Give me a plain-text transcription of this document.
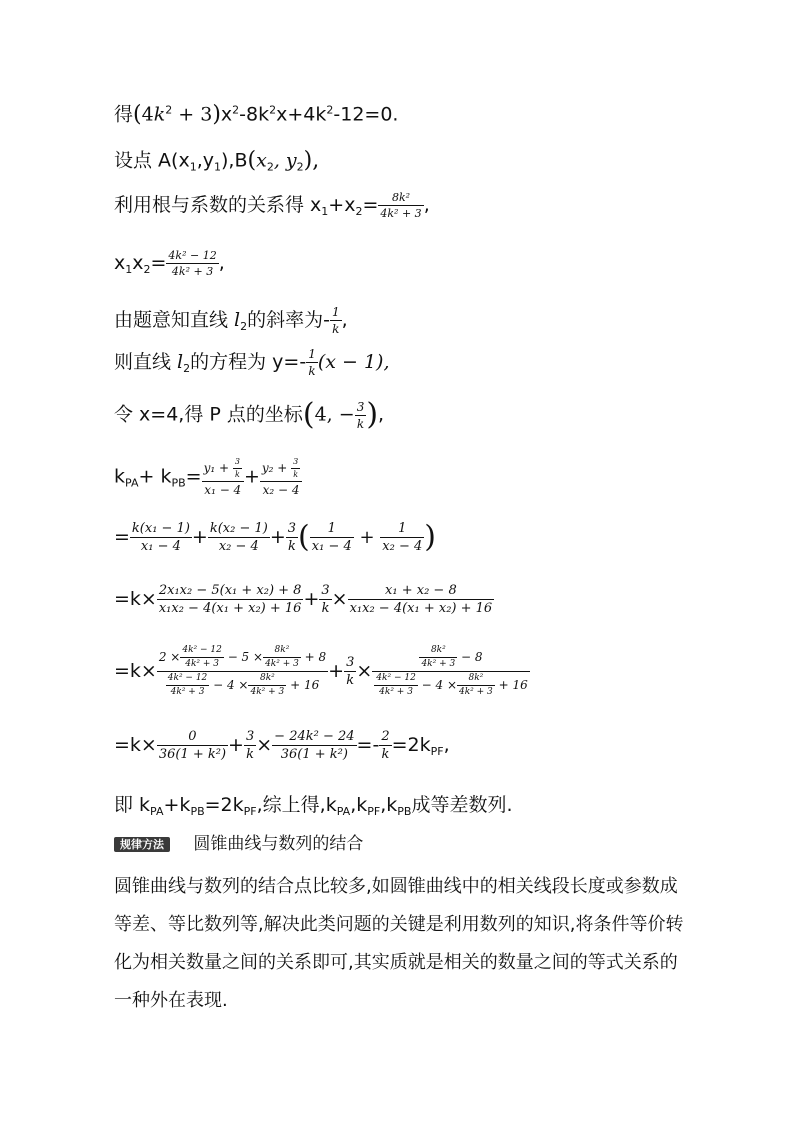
得$(4k^2 + 3)x^2-8k^2x+4k^2-12=0$.
设点 $A(x_1,y_1),B(x_2$, $y_2$),
利用根与系数的关系得 $x_1+x_2= \frac{\text{8k²}}{\text{4k² + 3}}$ ,
$x_1x_2= \frac{\text{4k² − 12}}{\text{4k² + 3}}$ ,
由题意知直线 $l_2$的斜率为- $\frac{1}{k}$ ,
则直线 $l_2$的方程为 $y=- \frac{1}{k} (x - 1)$,
令 x=4,得 P 点的坐标(4, − $\frac{3}{k}$ ),
$k_{PA}+ k_{PB}= \frac{y_1 + \frac{3}{k}}{\text{x₁ − 4}} + \frac{y_2 + \frac{3}{k}}{\text{x₂ − 4}}$
= $\frac{\text{k(x₁ − 1)}}{\text{x₁ − 4}} + \frac{\text{k(x₂ − 1)}}{\text{x₂ − 4}} + \frac{3}{k}$ ( $\frac{1}{\text{x₁ − 4}} + \frac{1}{\text{x₂ − 4}}$ )
$=k\times \frac{\text{2x₁x₂ − 5(x₁ + x₂) + 8}}{\text{x₁x₂ − 4(x₁ + x₂) + 16}} + \frac{3}{k} \times \frac{\text{x₁ + x₂ − 8}}{\text{x₁x₂ − 4(x₁ + x₂) + 16}}$
$=k\times \frac{2 \times \frac{\text{4k² − 12}}{\text{4k² + 3}} - 5 \times \frac{\text{8k²}}{\text{4k² + 3}} + 8}{\frac{\text{4k² − 12}}{\text{4k² + 3}} - 4 \times \frac{\text{8k²}}{\text{4k² + 3}} + 16} + \frac{3}{k} \times \frac{\frac{\text{8k²}}{\text{4k² + 3}} - 8}{\frac{\text{4k² − 12}}{\text{4k² + 3}} - 4 \times \frac{\text{8k²}}{\text{4k² + 3}} + 16}$
$=k\times \frac{0}{\text{36(1 + k²)}} + \frac{3}{k} \times \frac{\text{− 24k² − 24}}{\text{36(1 + k²)}} =- \frac{2}{k} =2k_{PF}$,
即 $k_{PA}+k_{PB}=2k_{PF}$,综上得$,k_{PA},k_{PF},k_{PB}$成等差数列.
规律方法 圆锥曲线与数列的结合
圆锥曲线与数列的结合点比较多,如圆锥曲线中的相关线段长度或参数成等差、等比数列等,解决此类问题的关键是利用数列的知识,将条件等价转化为相关数量之间的关系即可,其实质就是相关的数量之间的等式关系的一种外在表现.
